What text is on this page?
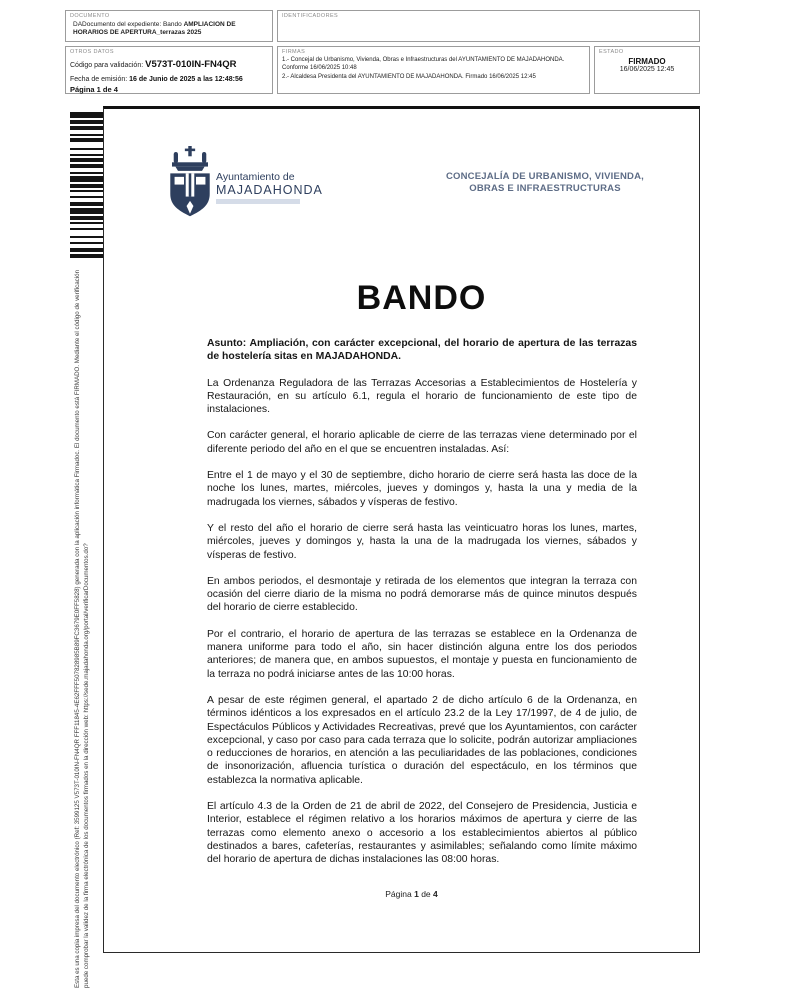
DOCUMENTO
DADocumento del expediente: Bando AMPLIACION DE HORARIOS DE APERTURA_terrazas 2025
IDENTIFICADORES
OTROS DATOS
Código para validación: V573T-010IN-FN4QR
Fecha de emisión: 16 de Junio de 2025 a las 12:48:56
Página 1 de 4
FIRMAS
1.- Concejal de Urbanismo, Vivienda, Obras e Infraestructuras del AYUNTAMIENTO DE MAJADAHONDA. Conforme 16/06/2025 10:48
2.- Alcaldesa Presidenta del AYUNTAMIENTO DE MAJADAHONDA. Firmado 16/06/2025 12:45
ESTADO
FIRMADO
16/06/2025 12:45
Esta es una copia impresa del documento electrónico (Ref: 3599125 V573T-010IN-FN4QR FFF11845-4E62FFF507828985B89FC3679E0FF5828) generada con la aplicación informática Firmadoc. El documento está FIRMADO. Mediante el código de verificación puede comprobar la validez de la firma electrónica de los documentos firmados en la dirección web: https://sede.majadahonda.org/portal/verificarDocumentos.do?
Ayuntamiento de
MAJADAHONDA
CONCEJALÍA DE URBANISMO, VIVIENDA,
OBRAS E INFRAESTRUCTURAS
BANDO

Asunto: Ampliación, con carácter excepcional, del horario de apertura de las terrazas de hostelería sitas en MAJADAHONDA.

La Ordenanza Reguladora de las Terrazas Accesorias a Establecimientos de Hostelería y Restauración, en su artículo 6.1, regula el horario de funcionamiento de este tipo de instalaciones.

Con carácter general, el horario aplicable de cierre de las terrazas viene determinado por el diferente periodo del año en el que se encuentren instaladas. Así:

Entre el 1 de mayo y el 30 de septiembre, dicho horario de cierre será hasta las doce de la noche los lunes, martes, miércoles, jueves y domingos y, hasta la una y media de la madrugada los viernes, sábados y vísperas de festivo.

Y el resto del año el horario de cierre será hasta las veinticuatro horas los lunes, martes, miércoles, jueves y domingos y, hasta la una de la madrugada los viernes, sábados y vísperas de festivo.

En ambos periodos, el desmontaje y retirada de los elementos que integran la terraza con ocasión del cierre diario de la misma no podrá demorarse más de quince minutos después del horario de cierre establecido.

Por el contrario, el horario de apertura de las terrazas se establece en la Ordenanza de manera uniforme para todo el año, sin hacer distinción alguna entre los dos periodos anteriores; de manera que, en ambos supuestos, el montaje y puesta en funcionamiento de la terraza no podrá iniciarse antes de las 10:00 horas.

A pesar de este régimen general, el apartado 2 de dicho artículo 6 de la Ordenanza, en términos idénticos a los expresados en el artículo 23.2 de la Ley 17/1997, de 4 de julio, de Espectáculos Públicos y Actividades Recreativas, prevé que los Ayuntamientos, con carácter excepcional, y caso por caso para cada terraza que lo solicite, podrán autorizar ampliaciones o reducciones de horarios, en atención a las peculiaridades de las poblaciones, condiciones de insonorización, afluencia turística o duración del espectáculo, en los términos que establezca la normativa aplicable.

El artículo 4.3 de la Orden de 21 de abril de 2022, del Consejero de Presidencia, Justicia e Interior, establece el régimen relativo a los horarios máximos de apertura y cierre de las terrazas como elemento anexo o accesorio a los establecimientos abiertos al público destinados a bares, cafeterías, restaurantes y asimilables; señalando como límite máximo del horario de apertura de dichas instalaciones las 08:00 horas.

Página 1 de 4
